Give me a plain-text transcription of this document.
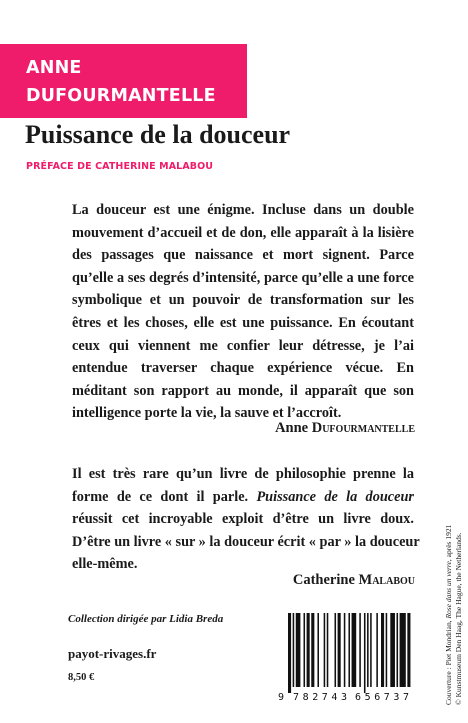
ANNE
DUFOURMANTELLE
Puissance de la douceur
PRÉFACE DE CATHERINE MALABOU
La douceur est une énigme. Incluse dans un double
mouvement d’accueil et de don, elle apparaît à la lisière
des passages que naissance et mort signent. Parce
qu’elle a ses degrés d’intensité, parce qu’elle a une force
symbolique et un pouvoir de transformation sur les
êtres et les choses, elle est une puissance. En écoutant
ceux qui viennent me confier leur détresse, je l’ai
entendue traverser chaque expérience vécue. En
méditant son rapport au monde, il apparaît que son
intelligence porte la vie, la sauve et l’accroît.
Anne Dufourmantelle
Il est très rare qu’un livre de philosophie prenne la
forme de ce dont il parle. Puissance de la douceur
réussit cet incroyable exploit d’être un livre doux.
D’être un livre « sur » la douceur écrit « par » la douceur
elle-même.
Catherine Malabou
Collection dirigée par Lidia Breda
payot-rivages.fr
8,50 €
9 782743 656737	Couverture : Piet Mondrian, Rose dans un verre, après 1921 © Kunstmuseum Den Haag, The Hague, the Netherlands.
